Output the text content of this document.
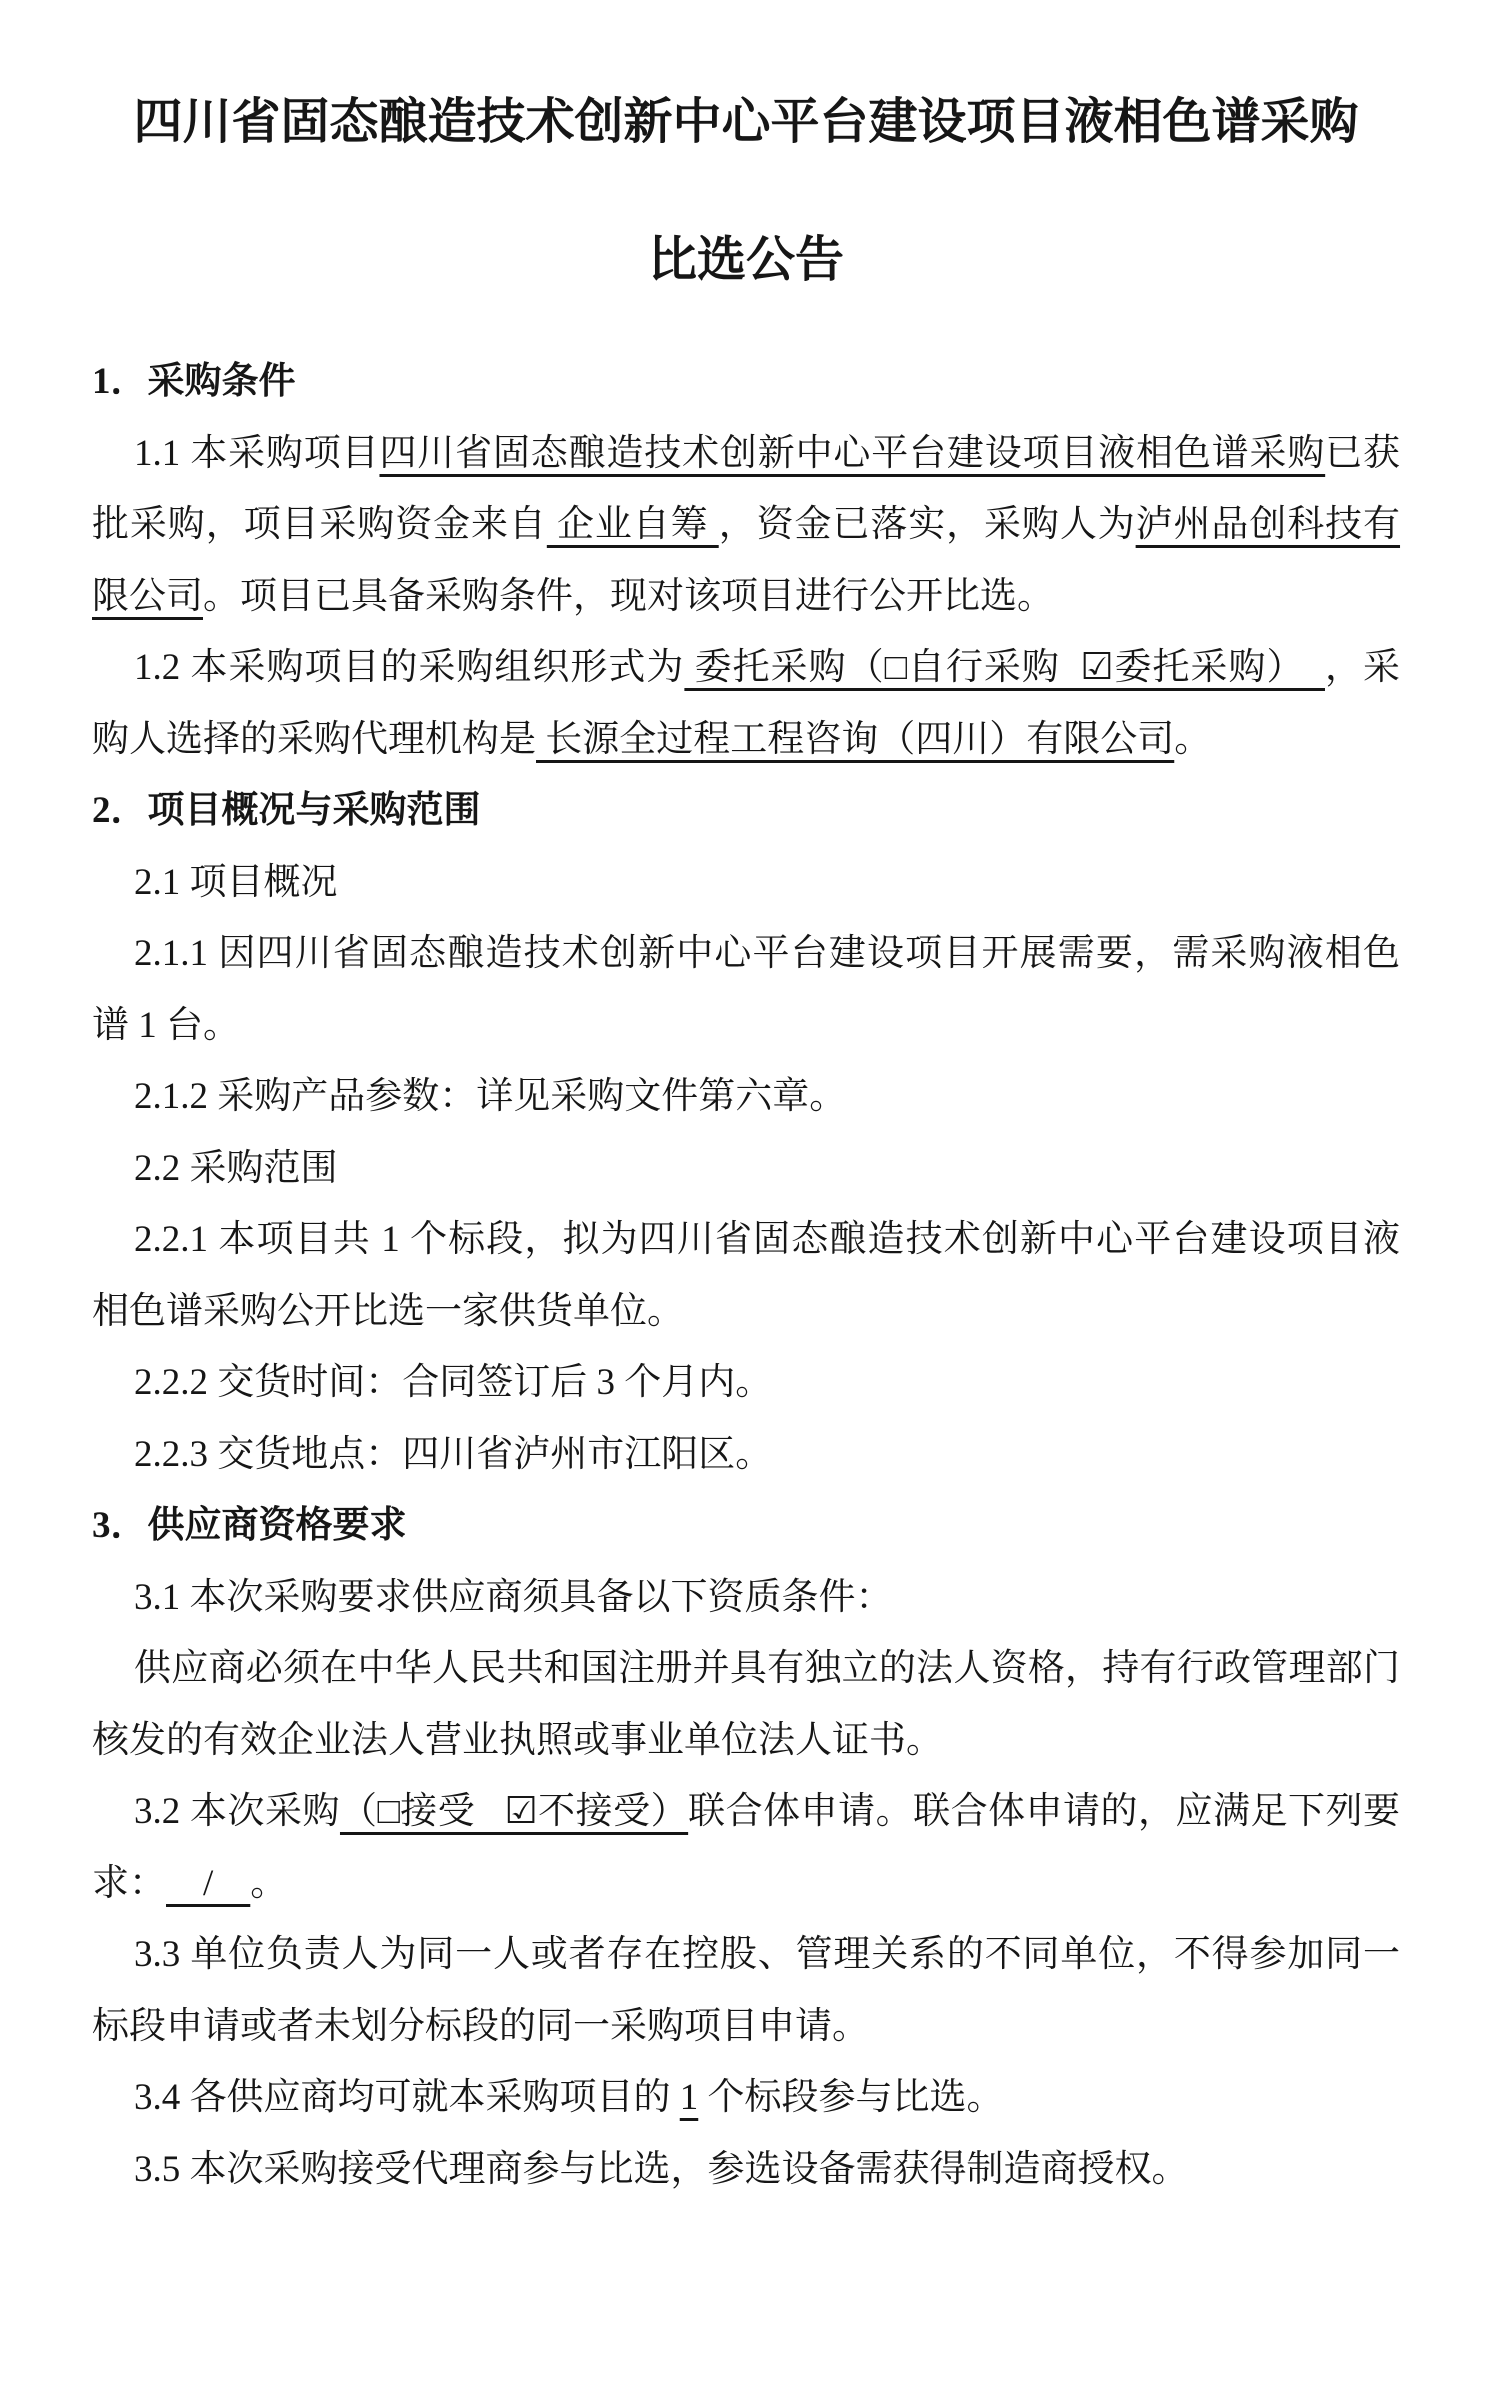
四川省固态酿造技术创新中心平台建设项目液相色谱采购
比选公告

1．采购条件

1.1 本采购项目四川省固态酿造技术创新中心平台建设项目液相色谱采购已获批采购，项目采购资金来自 企业自筹 ，资金已落实，采购人为泸州品创科技有限公司。项目已具备采购条件，现对该项目进行公开比选。

1.2 本采购项目的采购组织形式为 委托采购（□自行采购  ☑委托采购）  ，采购人选择的采购代理机构是 长源全过程工程咨询（四川）有限公司。

2．项目概况与采购范围

2.1 项目概况

2.1.1 因四川省固态酿造技术创新中心平台建设项目开展需要，需采购液相色谱 1 台。

2.1.2 采购产品参数：详见采购文件第六章。

2.2 采购范围

2.2.1 本项目共 1 个标段，拟为四川省固态酿造技术创新中心平台建设项目液相色谱采购公开比选一家供货单位。

2.2.2 交货时间：合同签订后 3 个月内。

2.2.3 交货地点：四川省泸州市江阳区。

3．供应商资格要求

3.1 本次采购要求供应商须具备以下资质条件：

供应商必须在中华人民共和国注册并具有独立的法人资格，持有行政管理部门核发的有效企业法人营业执照或事业单位法人证书。

3.2 本次采购（□接受   ☑不接受）联合体申请。联合体申请的，应满足下列要求：    /    。

3.3 单位负责人为同一人或者存在控股、管理关系的不同单位，不得参加同一标段申请或者未划分标段的同一采购项目申请。

3.4 各供应商均可就本采购项目的 1 个标段参与比选。

3.5 本次采购接受代理商参与比选，参选设备需获得制造商授权。
